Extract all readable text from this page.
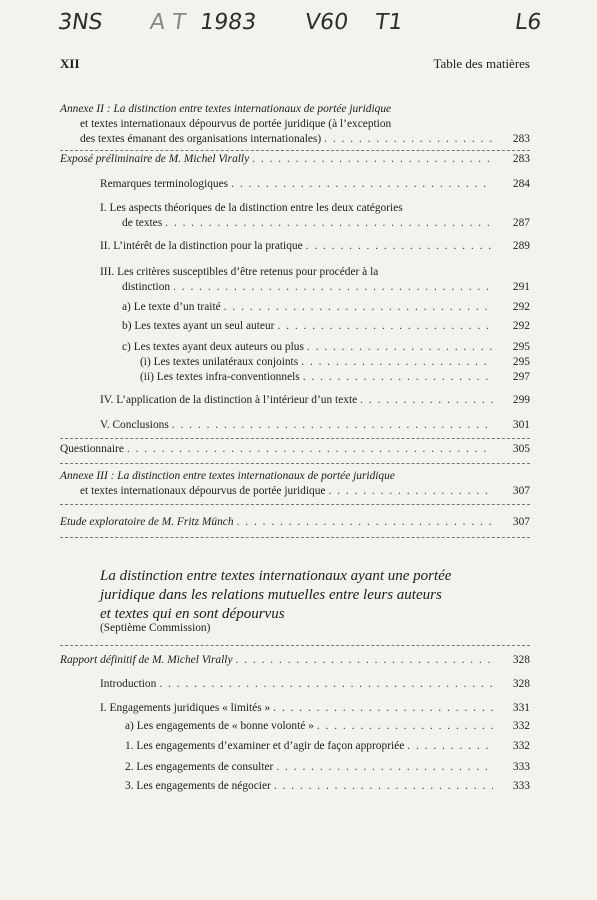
3NS A T 1983 V60 T1	L6
XII	Table des matières
Annexe II : La distinction entre textes internationaux de portée juridique
et textes internationaux dépourvus de portée juridique (à l’exception
des textes émanant des organisations internationales) . . .	283
Exposé préliminaire de M. Michel Virally . . .	283
Remarques terminologiques . . .	284
I. Les aspects théoriques de la distinction entre les deux catégories
de textes . . .	287
II. L’intérêt de la distinction pour la pratique . . .	289
III. Les critères susceptibles d’être retenus pour procéder à la
distinction . . .	291
a) Le texte d’un traité . . .	292
b) Les textes ayant un seul auteur . . .	292
c) Les textes ayant deux auteurs ou plus . . .	295
(i) Les textes unilatéraux conjoints . . .	295
(ii) Les textes infra-conventionnels . . .	297
IV. L’application de la distinction à l’intérieur d’un texte . . .	299
V. Conclusions . . .	301
Questionnaire . . .	305
Annexe III : La distinction entre textes internationaux de portée juridique
et textes internationaux dépourvus de portée juridique . . .	307
Etude exploratoire de M. Fritz Münch . . .	307
La distinction entre textes internationaux ayant une portée
juridique dans les relations mutuelles entre leurs auteurs
et textes qui en sont dépourvus
(Septième Commission)
Rapport définitif de M. Michel Virally . . .	328
Introduction . . .	328
I. Engagements juridiques « limités » . . .	331
a) Les engagements de « bonne volonté » . . .	332
1. Les engagements d’examiner et d’agir de façon appropriée . . .	332
2. Les engagements de consulter . . .	333
3. Les engagements de négocier . . .	333
